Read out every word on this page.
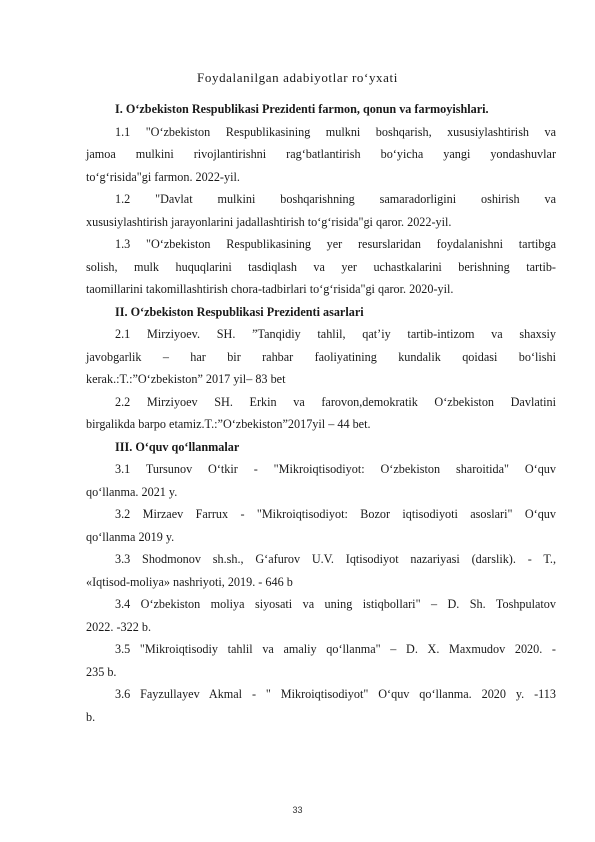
Foydalanilgan adabiyotlar ro‘yxati

I. O‘zbekiston Respublikasi Prezidenti farmon, qonun va farmoyishlari.

1.1 "O‘zbekiston Respublikasining mulkni boshqarish, xususiylashtirish va

jamoa mulkini rivojlantirishni rag‘batlantirish bo‘yicha yangi yondashuvlar

to‘g‘risida"gi farmon. 2022-yil.

1.2 "Davlat mulkini boshqarishning samaradorligini oshirish va

xususiylashtirish jarayonlarini jadallashtirish to‘g‘risida"gi qaror. 2022-yil.

1.3 "O‘zbekiston Respublikasining yer resurslaridan foydalanishni tartibga

solish, mulk huquqlarini tasdiqlash va yer uchastkalarini berishning tartib-

taomillarini takomillashtirish chora-tadbirlari to‘g‘risida"gi qaror. 2020-yil.

II. O‘zbekiston Respublikasi Prezidenti asarlari

2.1 Mirziyoev. SH. ”Tanqidiy tahlil, qat’iy tartib-intizom va shaxsiy

javobgarlik – har bir rahbar faoliyatining kundalik qoidasi bo‘lishi

kerak.:T.:”O‘zbekiston” 2017 yil– 83 bet

2.2 Mirziyoev SH. Erkin va farovon,demokratik O‘zbekiston Davlatini

birgalikda barpo etamiz.T.:”O‘zbekiston”2017yil – 44 bet.

III. O‘quv qo‘llanmalar

3.1 Tursunov O‘tkir - "Mikroiqtisodiyot: O‘zbekiston sharoitida" O‘quv

qo‘llanma. 2021 y.

3.2 Mirzaev Farrux - "Mikroiqtisodiyot: Bozor iqtisodiyoti asoslari" O‘quv

qo‘llanma 2019 y.

3.3 Shodmonov sh.sh., G‘afurov U.V. Iqtisodiyot nazariyasi (darslik). - T.,

«Iqtisod-moliya» nashriyoti, 2019. - 646 b

3.4 O‘zbekiston moliya siyosati va uning istiqbollari" – D. Sh. Toshpulatov

2022. -322 b.

3.5 "Mikroiqtisodiy tahlil va amaliy qo‘llanma" – D. X. Maxmudov 2020. -

235 b.

3.6 Fayzullayev Akmal - " Mikroiqtisodiyot" O‘quv qo‘llanma. 2020 y. -113

b.

33
